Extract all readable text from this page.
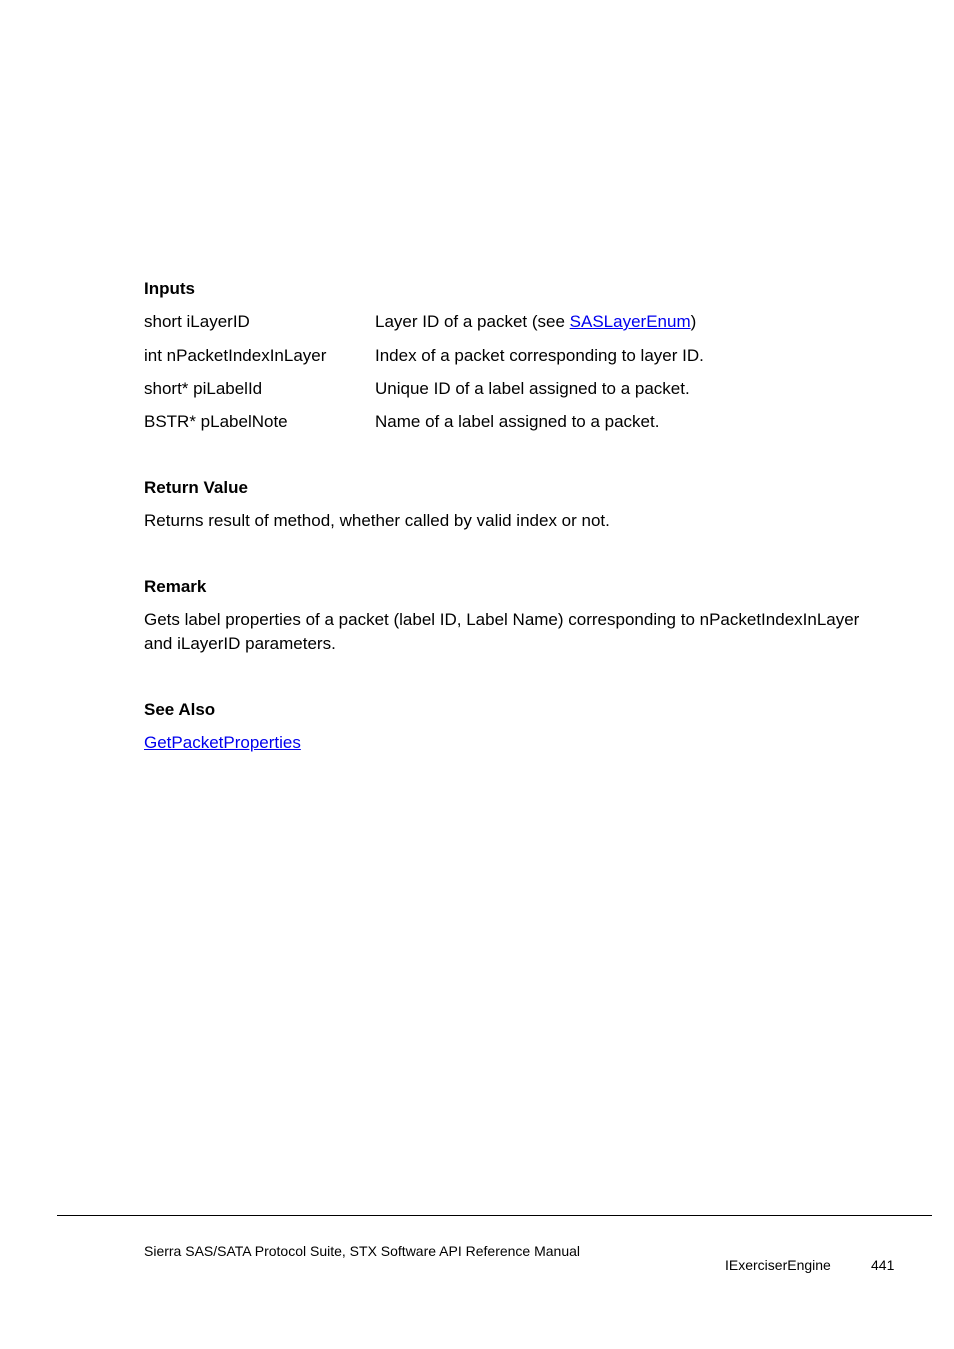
Inputs
short iLayerID	Layer ID of a packet (see SASLayerEnum)
int nPacketIndexInLayer	Index of a packet corresponding to layer ID.
short* piLabelId	Unique ID of a label assigned to a packet.
BSTR* pLabelNote	Name of a label assigned to a packet.
Return Value
Returns result of method, whether called by valid index or not.
Remark
Gets label properties of a packet (label ID, Label Name) corresponding to nPacketIndexInLayer
and iLayerID parameters.
See Also
GetPacketProperties
Sierra SAS/SATA Protocol Suite, STX Software API Reference Manual
IExerciserEngine	441
